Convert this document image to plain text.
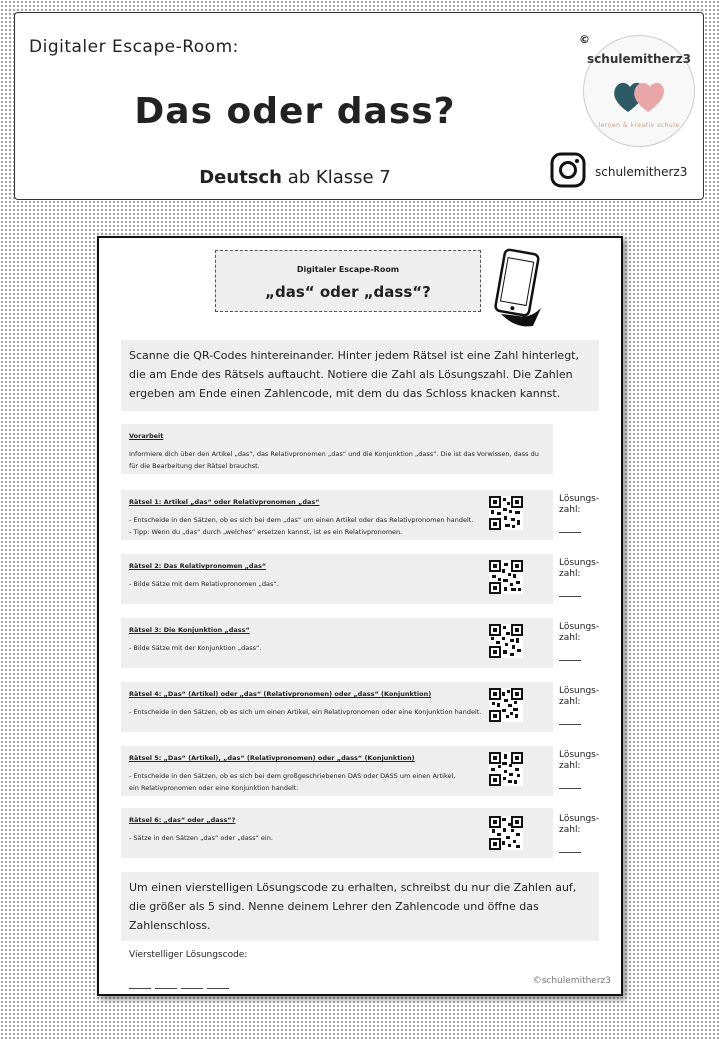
Digitaler Escape-Room:
Das oder dass?
Deutsch ab Klasse 7
©
schulemitherz3
lernen & kreativ schule
schulemitherz3
Digitaler Escape-Room
„das“ oder „dass“?
Scanne die QR-Codes hintereinander. Hinter jedem Rätsel ist eine Zahl hinterlegt, die am Ende des Rätsels auftaucht. Notiere die Zahl als Lösungszahl. Die Zahlen ergeben am Ende einen Zahlencode, mit dem du das Schloss knacken kannst.
Vorarbeit
Informiere dich über den Artikel „das“, das Relativpronomen „das“ und die Konjunktion „dass“. Die ist das Vorwissen, dass du für die Bearbeitung der Rätsel brauchst.
Rätsel 1: Artikel „das“ oder Relativpronomen „das“
- Entscheide in den Sätzen, ob es sich bei dem „das“ um einen Artikel oder das Relativpronomen handelt.
- Tipp: Wenn du „das“ durch „welches“ ersetzen kannst, ist es ein Relativpronomen.
Lösungs-
zahl:
Rätsel 2: Das Relativpronomen „das“
- Bilde Sätze mit dem Relativpronomen „das“.
Lösungs-
zahl:
Rätsel 3: Die Konjunktion „dass“
- Bilde Sätze mit der Konjunktion „dass“.
Lösungs-
zahl:
Rätsel 4: „Das“ (Artikel) oder „das“ (Relativpronomen) oder „dass“ (Konjunktion)
- Entscheide in den Sätzen, ob es sich um einen Artikel, ein Relativpronomen oder eine Konjunktion handelt.
Lösungs-
zahl:
Rätsel 5: „Das“ (Artikel), „das“ (Relativpronomen) oder „dass“ (Konjunktion)
- Entscheide in den Sätzen, ob es sich bei dem großgeschriebenen DAS oder DASS um einen Artikel,
ein Relativpronomen oder eine Konjunktion handelt.
Lösungs-
zahl:
Rätsel 6: „das“ oder „dass“?
- Sätze in den Sätzen „das“ oder „dass“ ein.
Lösungs-
zahl:
Um einen vierstelligen Lösungscode zu erhalten, schreibst du nur die Zahlen auf, die größer als 5 sind. Nenne deinem Lehrer den Zahlencode und öffne das Zahlenschloss.
Vierstelliger Lösungscode:
©schulemitherz3
